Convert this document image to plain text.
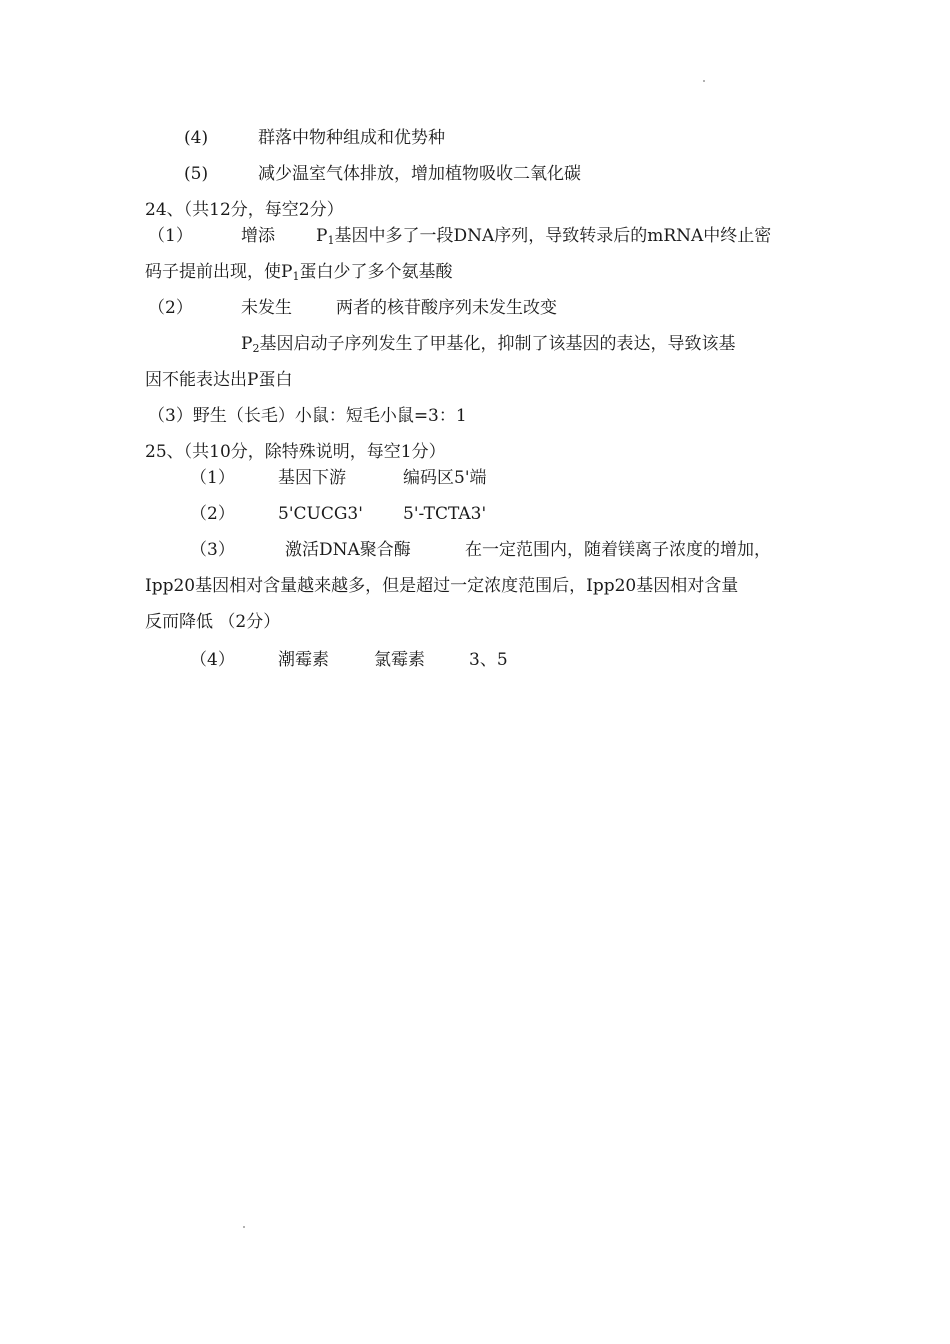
(4)	群落中物种组成和优势种
(5)	减少温室气体排放，增加植物吸收二氧化碳
24、（共12分，每空2分）
（1）	增添 $P_1$基因中多了一段DNA序列，导致转录后的mRNA中终止密
码子提前出现，使$P_1$蛋白少了多个氨基酸
（2）	未发生	两者的核苷酸序列未发生改变
$P_2$基因启动子序列发生了甲基化，抑制了该基因的表达，导致该基
因不能表达出P蛋白
（3）野生（长毛）小鼠：短毛小鼠=3：1
25、（共10分，除特殊说明，每空1分）
（1）	基因下游	编码区5'端
（2）	5'CUCG3' 5'-TCTA3'
（3）	激活DNA聚合酶	在一定范围内，随着镁离子浓度的增加，
Ipp20基因相对含量越来越多，但是超过一定浓度范围后，Ipp20基因相对含量
反而降低 （2分）
（4）	潮霉素	氯霉素	3、5
